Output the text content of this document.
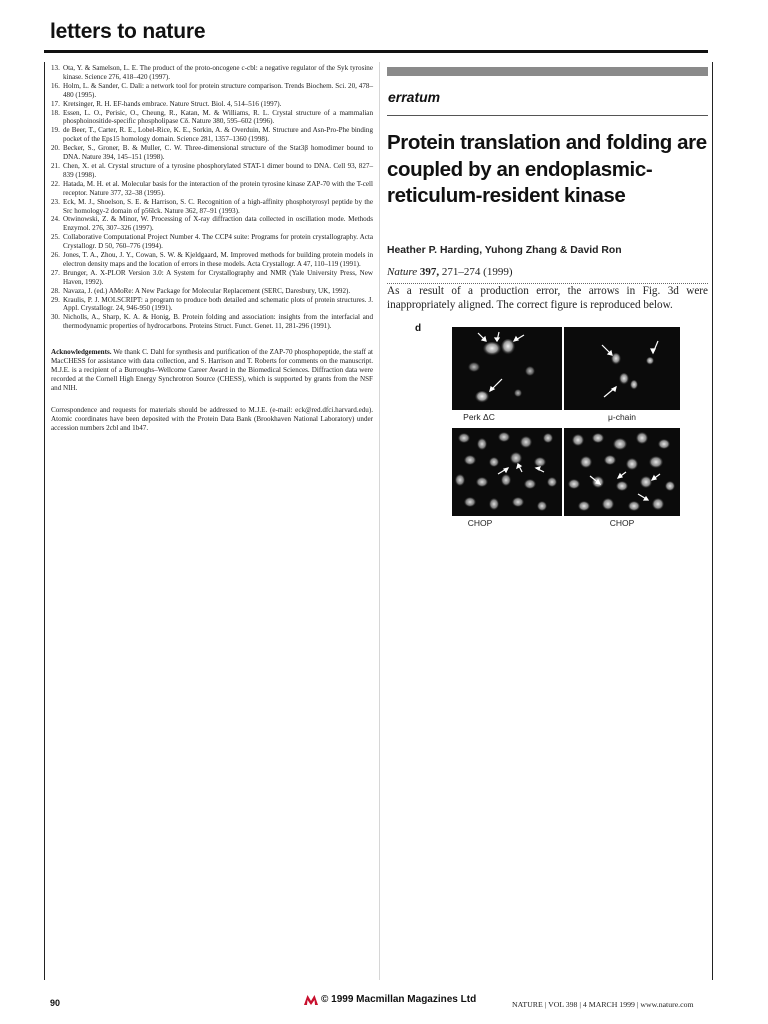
letters to nature
13. Ota, Y. & Samelson, L. E. The product of the proto-oncogene c-cbl: a negative regulator of the Syk tyrosine kinase. Science 276, 418–420 (1997).
16. Holm, L. & Sander, C. Dali: a network tool for protein structure comparison. Trends Biochem. Sci. 20, 478–480 (1995).
17. Kretsinger, R. H. EF-hands embrace. Nature Struct. Biol. 4, 514–516 (1997).
18. Essen, L. O., Perisic, O., Cheung, R., Katan, M. & Williams, R. L. Crystal structure of a mammalian phosphoinositide-specific phospholipase Cδ. Nature 380, 595–602 (1996).
19. de Beer, T., Carter, R. E., Lobel-Rice, K. E., Sorkin, A. & Overduin, M. Structure and Asn-Pro-Phe binding pocket of the Eps15 homology domain. Science 281, 1357–1360 (1998).
20. Becker, S., Groner, B. & Muller, C. W. Three-dimensional structure of the Stat3β homodimer bound to DNA. Nature 394, 145–151 (1998).
21. Chen, X. et al. Crystal structure of a tyrosine phosphorylated STAT-1 dimer bound to DNA. Cell 93, 827–839 (1998).
22. Hatada, M. H. et al. Molecular basis for the interaction of the protein tyrosine kinase ZAP-70 with the T-cell receptor. Nature 377, 32–38 (1995).
23. Eck, M. J., Shoelson, S. E. & Harrison, S. C. Recognition of a high-affinity phosphotyrosyl peptide by the Src homology-2 domain of p56lck. Nature 362, 87–91 (1993).
24. Otwinowski, Z. & Minor, W. Processing of X-ray diffraction data collected in oscillation mode. Methods Enzymol. 276, 307–326 (1997).
25. Collaborative Computational Project Number 4. The CCP4 suite: Programs for protein crystallography. Acta Crystallogr. D 50, 760–776 (1994).
26. Jones, T. A., Zhou, J. Y., Cowan, S. W. & Kjeldgaard, M. Improved methods for building protein models in electron density maps and the location of errors in these models. Acta Crystallogr. A 47, 110–119 (1991).
27. Brunger, A. X-PLOR Version 3.0: A System for Crystallography and NMR (Yale University Press, New Haven, 1992).
28. Navaza, J. (ed.) AMoRe: A New Package for Molecular Replacement (SERC, Daresbury, UK, 1992).
29. Kraulis, P. J. MOLSCRIPT: a program to produce both detailed and schematic plots of protein structures. J. Appl. Crystallogr. 24, 946-950 (1991).
30. Nicholls, A., Sharp, K. A. & Honig, B. Protein folding and association: insights from the interfacial and thermodynamic properties of hydrocarbons. Proteins Struct. Funct. Genet. 11, 281-296 (1991).
Acknowledgements. We thank C. Dahl for synthesis and purification of the ZAP-70 phosphopeptide, the staff at MacCHESS for assistance with data collection, and S. Harrison and T. Roberts for comments on the manuscript. M.J.E. is a recipient of a Burroughs–Wellcome Career Award in the Biomedical Sciences. Diffraction data were recorded at the Cornell High Energy Synchrotron Source (CHESS), which is supported by grants from the NSF and NIH.
Correspondence and requests for materials should be addressed to M.J.E. (e-mail: eck@red.dfci.harvard.edu). Atomic coordinates have been deposited with the Protein Data Bank (Brookhaven National Laboratory) under accession numbers 2cbl and 1b47.
erratum
Protein translation and folding are coupled by an endoplasmic-reticulum-resident kinase
Heather P. Harding, Yuhong Zhang & David Ron
Nature 397, 271–274 (1999)
As a result of a production error, the arrows in Fig. 3d were inappropriately aligned. The correct figure is reproduced below.
d
Perk ΔC	μ-chain
CHOP	CHOP
90	© 1999 Macmillan Magazines Ltd	NATURE | VOL 398 | 4 MARCH 1999 | www.nature.com
